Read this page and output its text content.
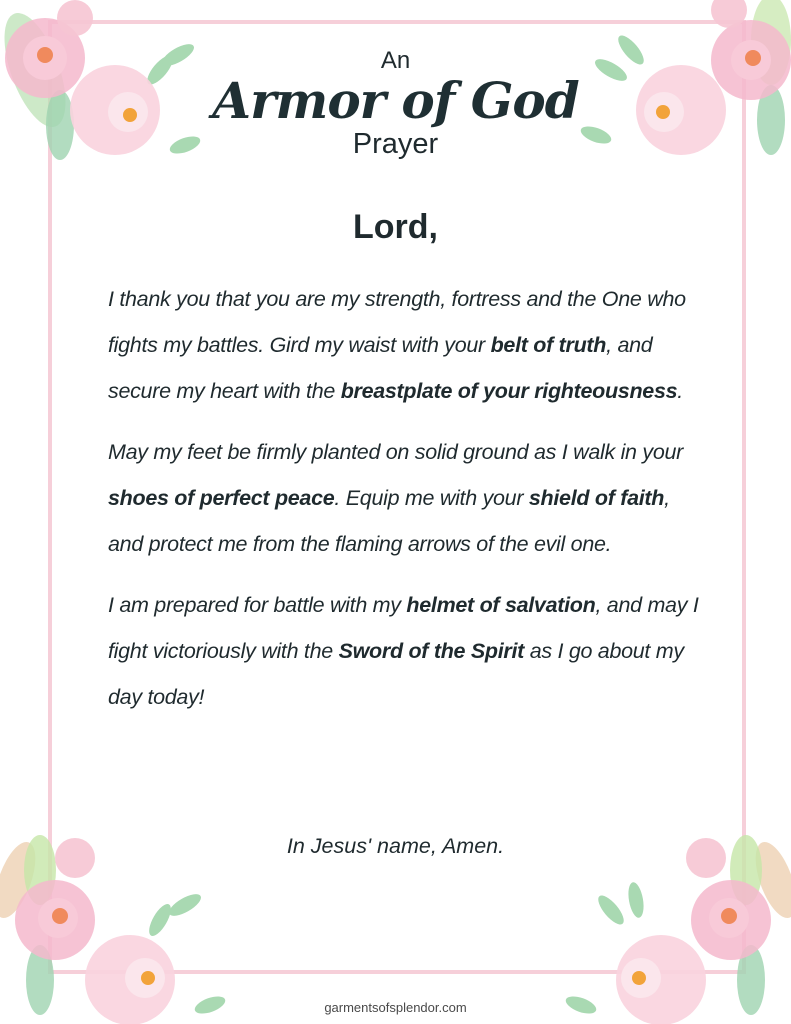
An
Armor of God
Prayer
Lord,

I thank you that you are my strength, fortress and the One who fights my battles. Gird my waist with your belt of truth, and secure my heart with the breastplate of your righteousness.

May my feet be firmly planted on solid ground as I walk in your shoes of perfect peace. Equip me with your shield of faith, and protect me from the flaming arrows of the evil one.

I am prepared for battle with my helmet of salvation, and may I fight victoriously with the Sword of the Spirit as I go about my day today!

In Jesus' name, Amen.
garmentsofsplendor.com
